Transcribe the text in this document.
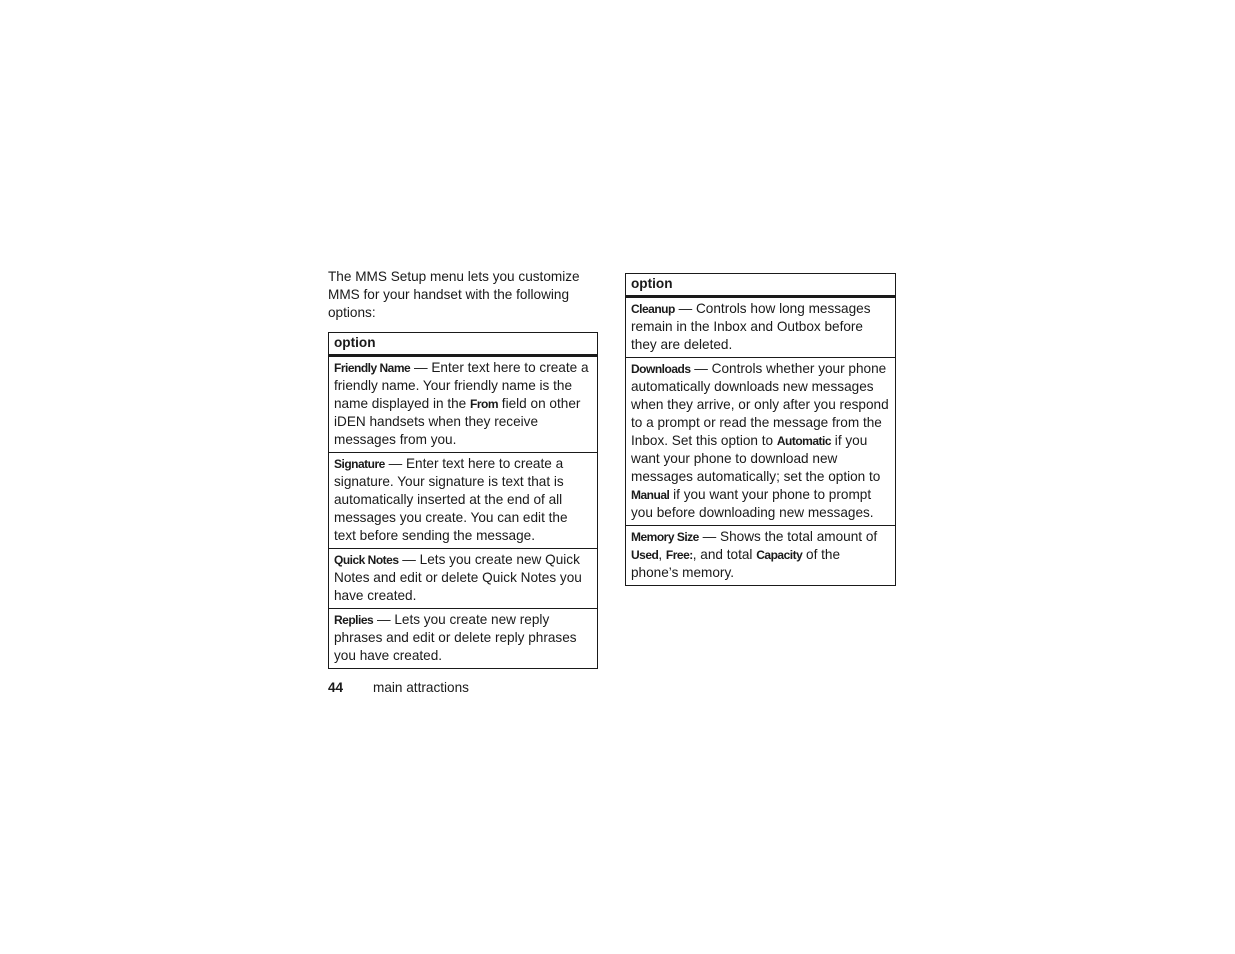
The MMS Setup menu lets you customize MMS for your handset with the following options:

option
Friendly Name — Enter text here to create a friendly name. Your friendly name is the name displayed in the From field on other iDEN handsets when they receive messages from you.
Signature — Enter text here to create a signature. Your signature is text that is automatically inserted at the end of all messages you create. You can edit the text before sending the message.
Quick Notes — Lets you create new Quick Notes and edit or delete Quick Notes you have created.
Replies — Lets you create new reply phrases and edit or delete reply phrases you have created.
option
Cleanup — Controls how long messages remain in the Inbox and Outbox before they are deleted.
Downloads — Controls whether your phone automatically downloads new messages when they arrive, or only after you respond to a prompt or read the message from the Inbox. Set this option to Automatic if you want your phone to download new messages automatically; set the option to Manual if you want your phone to prompt you before downloading new messages.
Memory Size — Shows the total amount of Used, Free:, and total Capacity of the phone’s memory.
44 main attractions
